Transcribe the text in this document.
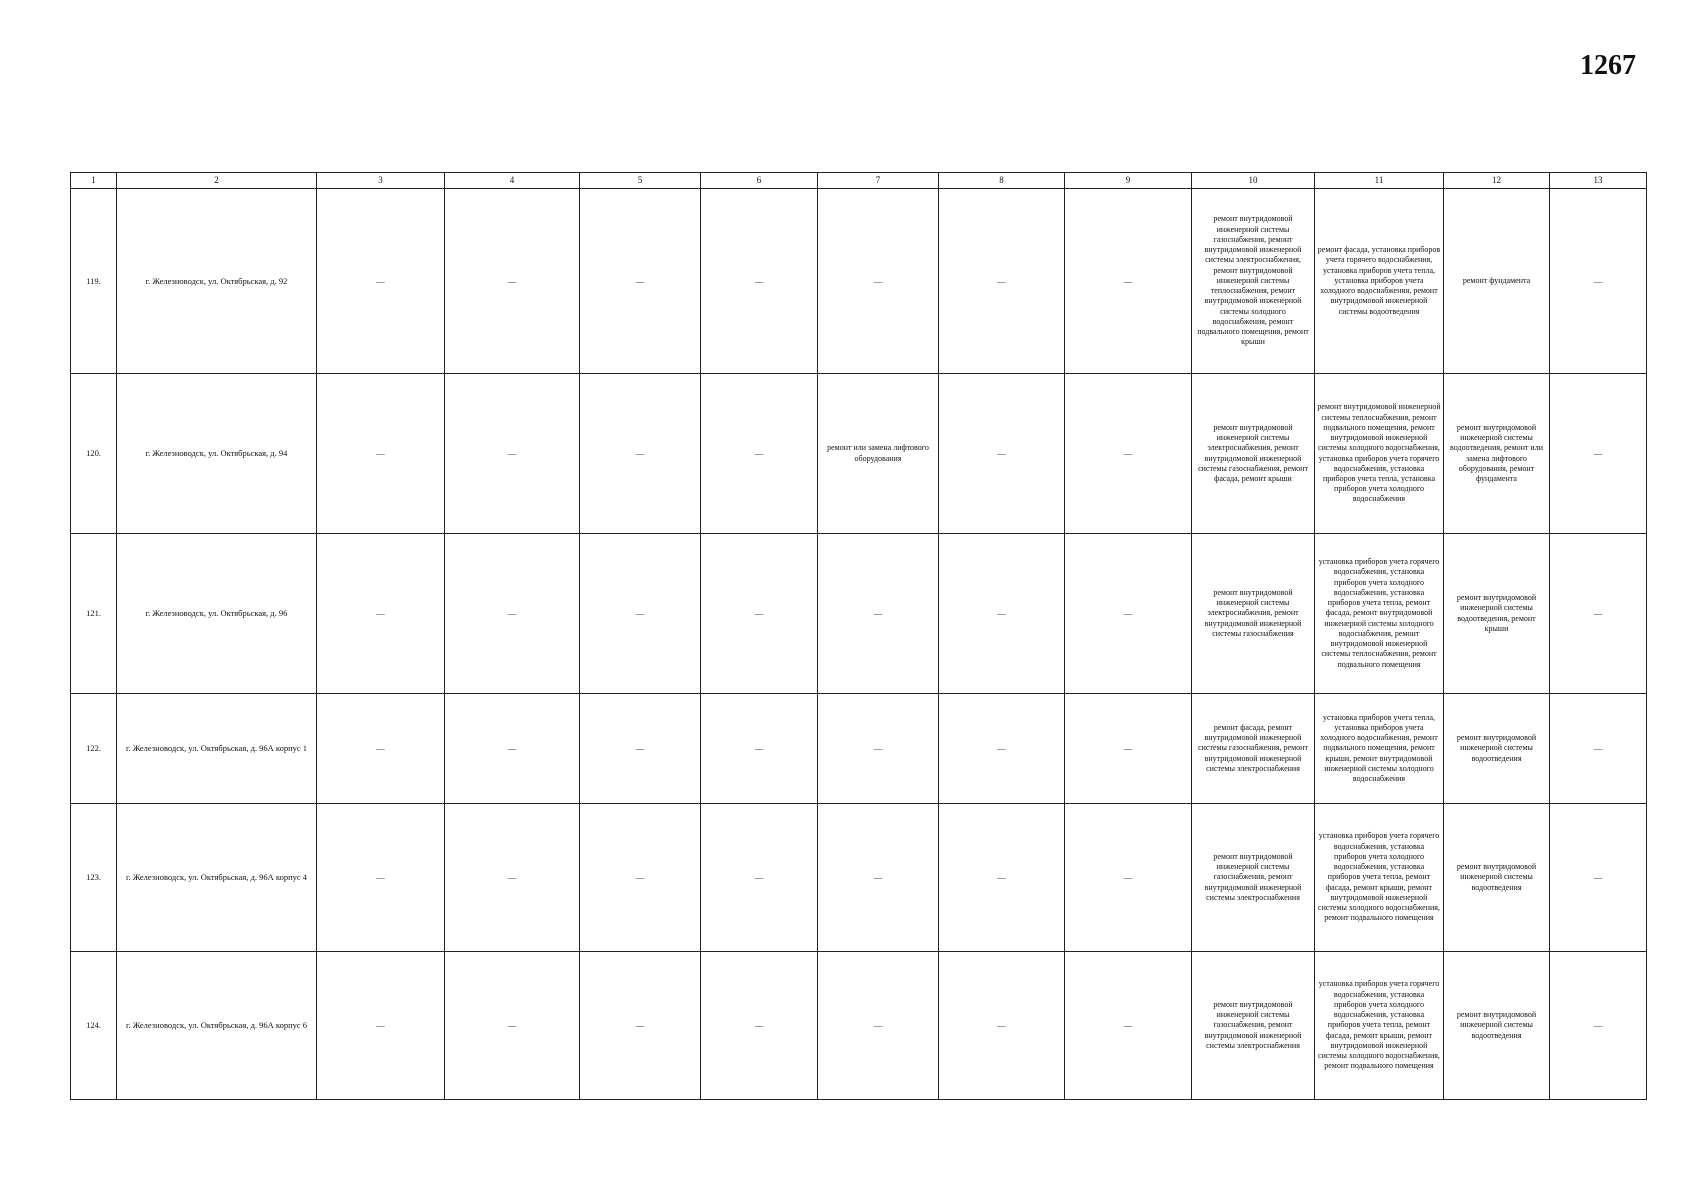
1267
1	2	3	4	5	6	7	8	9	10	11	12	13
119.	г. Железноводск, ул. Октябрьская, д. 92	—	—	—	—	—	—	—	ремонт внутридомовой инженерной системы газоснабжения, ремонт внутридомовой инженерной системы электроснабжения, ремонт внутридомовой инженерной системы теплоснабжения, ремонт внутридомовой инженерной системы холодного водоснабжения, ремонт подвального помещения, ремонт крыши	ремонт фасада, установка приборов учета горячего водоснабжения, установка приборов учета тепла, установка приборов учета холодного водоснабжения, ремонт внутридомовой инженерной системы водоотведения	ремонт фундамента	—
120.	г. Железноводск, ул. Октябрьская, д. 94	—	—	—	—	ремонт или замена лифтового оборудования	—	—	ремонт внутридомовой инженерной системы электроснабжения, ремонт внутридомовой инженерной системы газоснабжения, ремонт фасада, ремонт крыши	ремонт внутридомовой инженерной системы теплоснабжения, ремонт подвального помещения, ремонт внутридомовой инженерной системы холодного водоснабжения, установка приборов учета горячего водоснабжения, установка приборов учета тепла, установка приборов учета холодного водоснабжения	ремонт внутридомовой инженерной системы водоотведения, ремонт или замена лифтового оборудования, ремонт фундамента	—
121.	г. Железноводск, ул. Октябрьская, д. 96	—	—	—	—	—	—	—	ремонт внутридомовой инженерной системы электроснабжения, ремонт внутридомовой инженерной системы газоснабжения	установка приборов учета горячего водоснабжения, установка приборов учета холодного водоснабжения, установка приборов учета тепла, ремонт фасада, ремонт внутридомовой инженерной системы холодного водоснабжения, ремонт внутридомовой инженерной системы теплоснабжения, ремонт подвального помещения	ремонт внутридомовой инженерной системы водоотведения, ремонт крыши	—
122.	г. Железноводск, ул. Октябрьская, д. 96А корпус 1	—	—	—	—	—	—	—	ремонт фасада, ремонт внутридомовой инженерной системы газоснабжения, ремонт внутридомовой инженерной системы электроснабжения	установка приборов учета тепла, установка приборов учета холодного водоснабжения, ремонт подвального помещения, ремонт крыши, ремонт внутридомовой инженерной системы холодного водоснабжения	ремонт внутридомовой инженерной системы водоотведения	—
123.	г. Железноводск, ул. Октябрьская, д. 96А корпус 4	—	—	—	—	—	—	—	ремонт внутридомовой инженерной системы газоснабжения, ремонт внутридомовой инженерной системы электроснабжения	установка приборов учета горячего водоснабжения, установка приборов учета холодного водоснабжения, установка приборов учета тепла, ремонт фасада, ремонт крыши, ремонт внутридомовой инженерной системы холодного водоснабжения, ремонт подвального помещения	ремонт внутридомовой инженерной системы водоотведения	—
124.	г. Железноводск, ул. Октябрьская, д. 96А корпус 6	—	—	—	—	—	—	—	ремонт внутридомовой инженерной системы газоснабжения, ремонт внутридомовой инженерной системы электроснабжения	установка приборов учета горячего водоснабжения, установка приборов учета холодного водоснабжения, установка приборов учета тепла, ремонт фасада, ремонт крыши, ремонт внутридомовой инженерной системы холодного водоснабжения, ремонт подвального помещения	ремонт внутридомовой инженерной системы водоотведения	—
